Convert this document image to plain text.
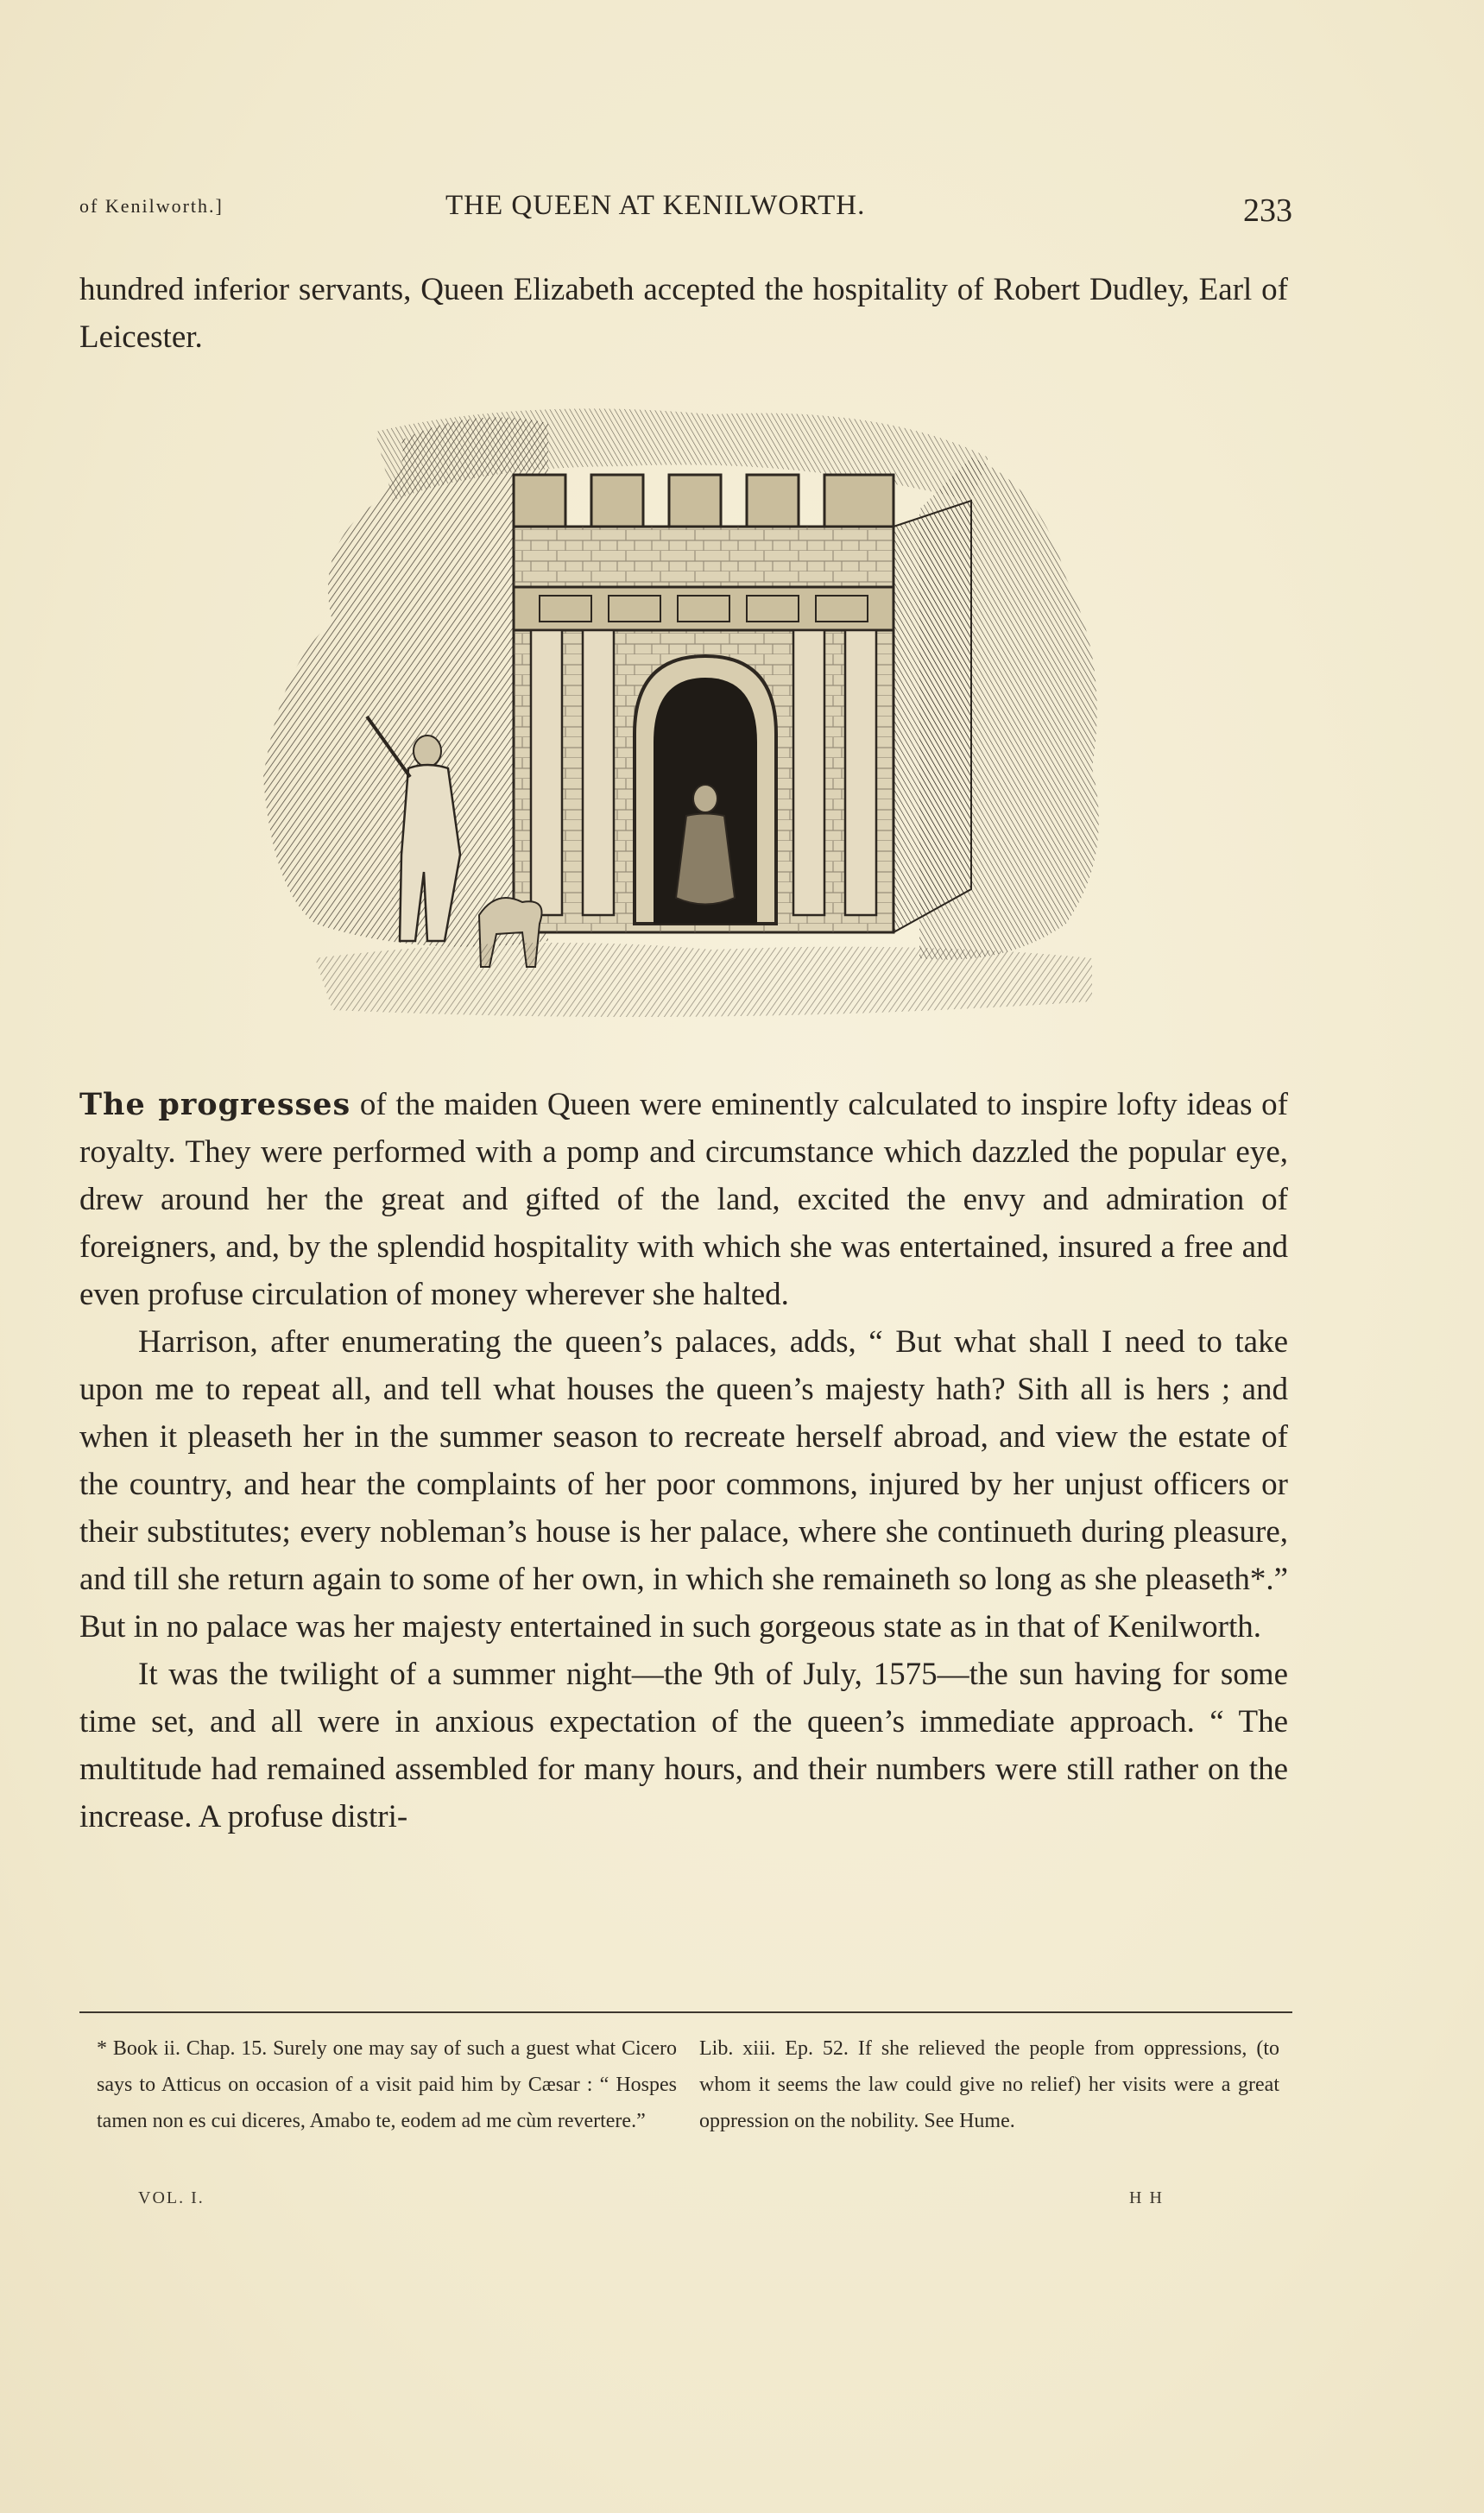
of Kenilworth.]	THE QUEEN AT KENILWORTH.	233

hundred inferior servants, Queen Elizabeth accepted the hospitality of Robert Dudley, Earl of Leicester.

The progresses of the maiden Queen were eminently calculated to inspire lofty ideas of royalty. They were performed with a pomp and circumstance which dazzled the popular eye, drew around her the great and gifted of the land, excited the envy and admiration of foreigners, and, by the splendid hospitality with which she was entertained, insured a free and even profuse circulation of money wherever she halted.

Harrison, after enumerating the queen’s palaces, adds, “ But what shall I need to take upon me to repeat all, and tell what houses the queen’s majesty hath? Sith all is hers ; and when it pleaseth her in the summer season to recreate herself abroad, and view the estate of the country, and hear the complaints of her poor commons, injured by her unjust officers or their substitutes; every nobleman’s house is her palace, where she continueth during pleasure, and till she return again to some of her own, in which she remaineth so long as she pleaseth*.” But in no palace was her majesty entertained in such gorgeous state as in that of Kenilworth.

It was the twilight of a summer night—the 9th of July, 1575—the sun having for some time set, and all were in anxious expectation of the queen’s immediate approach. “ The multitude had remained assembled for many hours, and their numbers were still rather on the increase. A profuse distri-

* Book ii. Chap. 15. Surely one may say of such a guest what Cicero says to Atticus on occasion of a visit paid him by Cæsar : “ Hospes tamen non es cui diceres, Amabo te, eodem ad me cùm revertere.”
Lib. xiii. Ep. 52. If she relieved the people from oppressions, (to whom it seems the law could give no relief) her visits were a great oppression on the nobility. See Hume.
VOL. I.	H H
